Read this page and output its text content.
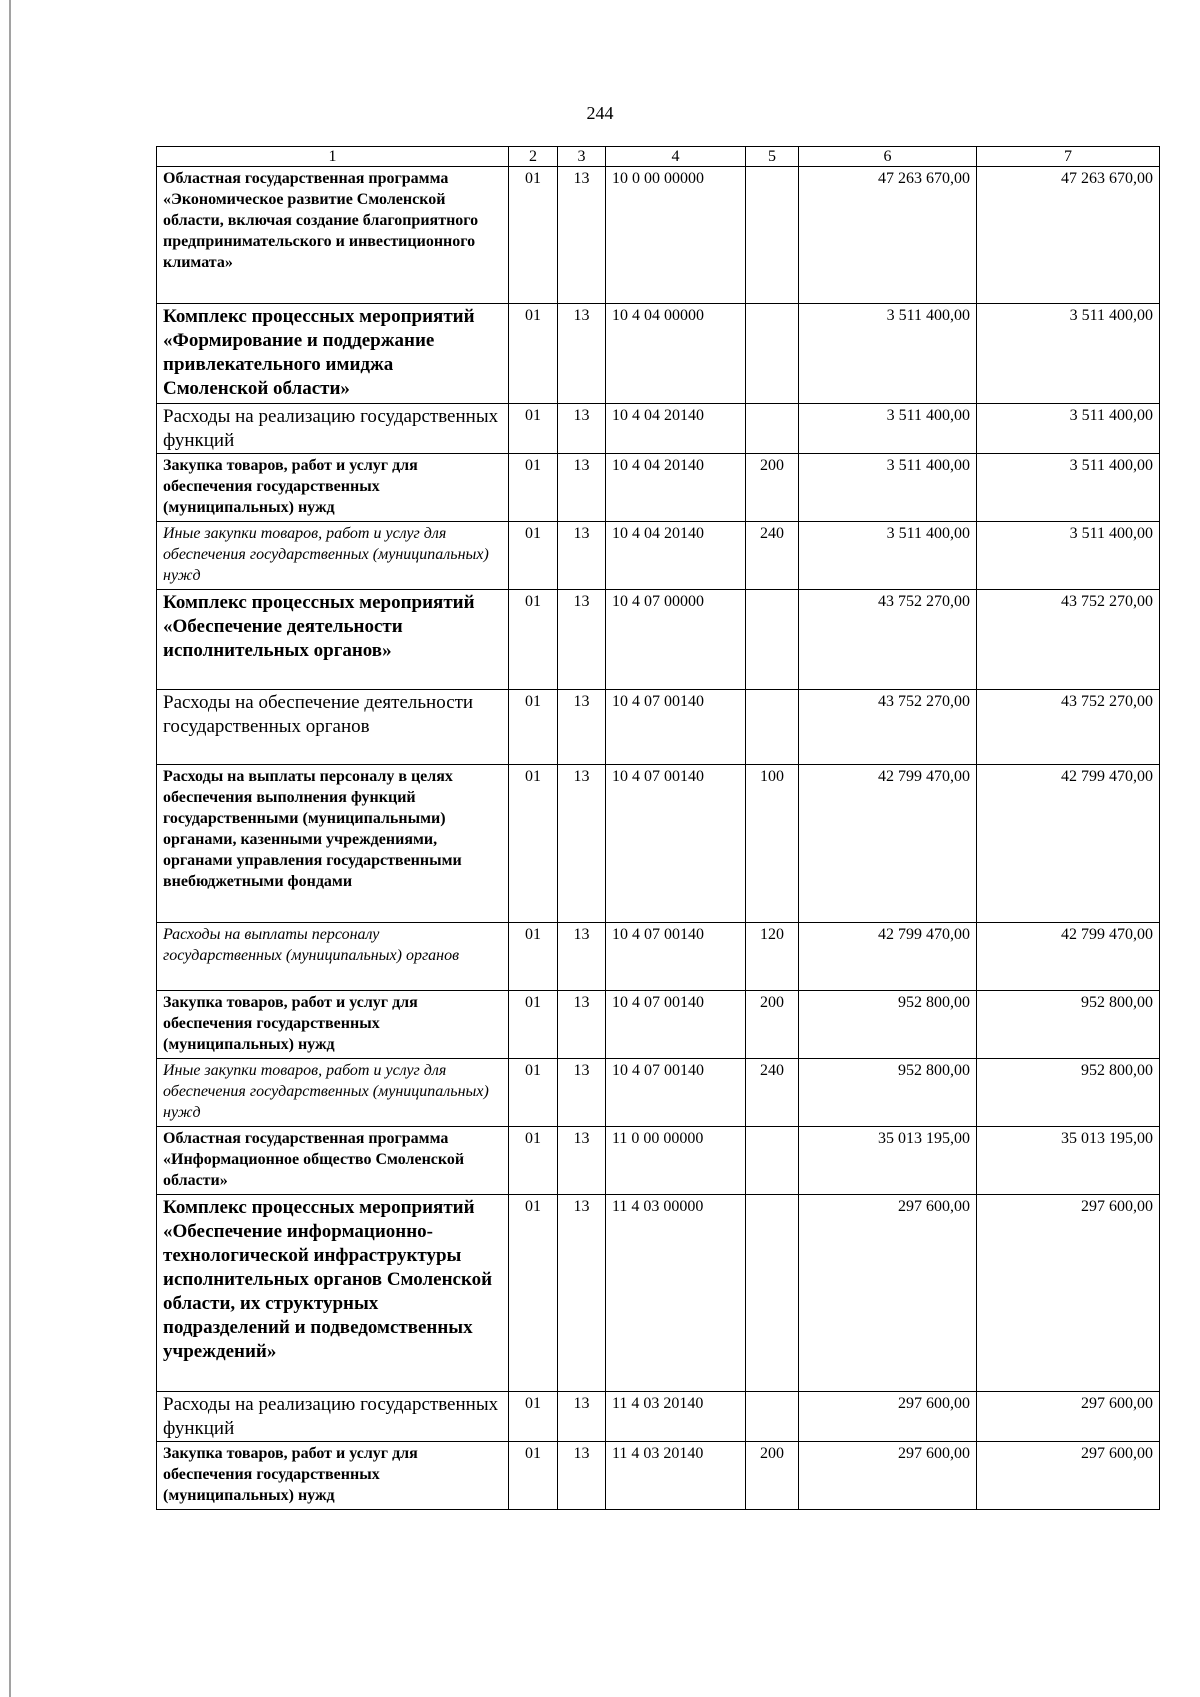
244
1	2	3	4	5	6	7
Областная государственная программа «Экономическое развитие Смоленской области, включая создание благоприятного предпринимательского и инвестиционного климата»	01	13	10 0 00 00000		47 263 670,00	47 263 670,00
Комплекс процессных мероприятий «Формирование и поддержание привлекательного имиджа Смоленской области»	01	13	10 4 04 00000		3 511 400,00	3 511 400,00
Расходы на реализацию государственных функций	01	13	10 4 04 20140		3 511 400,00	3 511 400,00
Закупка товаров, работ и услуг для обеспечения государственных (муниципальных) нужд	01	13	10 4 04 20140	200	3 511 400,00	3 511 400,00
Иные закупки товаров, работ и услуг для обеспечения государственных (муниципальных) нужд	01	13	10 4 04 20140	240	3 511 400,00	3 511 400,00
Комплекс процессных мероприятий «Обеспечение деятельности исполнительных органов»	01	13	10 4 07 00000		43 752 270,00	43 752 270,00
Расходы на обеспечение деятельности государственных органов	01	13	10 4 07 00140		43 752 270,00	43 752 270,00
Расходы на выплаты персоналу в целях обеспечения выполнения функций государственными (муниципальными) органами, казенными учреждениями, органами управления государственными внебюджетными фондами	01	13	10 4 07 00140	100	42 799 470,00	42 799 470,00
Расходы на выплаты персоналу государственных (муниципальных) органов	01	13	10 4 07 00140	120	42 799 470,00	42 799 470,00
Закупка товаров, работ и услуг для обеспечения государственных (муниципальных) нужд	01	13	10 4 07 00140	200	952 800,00	952 800,00
Иные закупки товаров, работ и услуг для обеспечения государственных (муниципальных) нужд	01	13	10 4 07 00140	240	952 800,00	952 800,00
Областная государственная программа «Информационное общество Смоленской области»	01	13	11 0 00 00000		35 013 195,00	35 013 195,00
Комплекс процессных мероприятий «Обеспечение информационно-технологической инфраструктуры исполнительных органов Смоленской области, их структурных подразделений и подведомственных учреждений»	01	13	11 4 03 00000		297 600,00	297 600,00
Расходы на реализацию государственных функций	01	13	11 4 03 20140		297 600,00	297 600,00
Закупка товаров, работ и услуг для обеспечения государственных (муниципальных) нужд	01	13	11 4 03 20140	200	297 600,00	297 600,00
